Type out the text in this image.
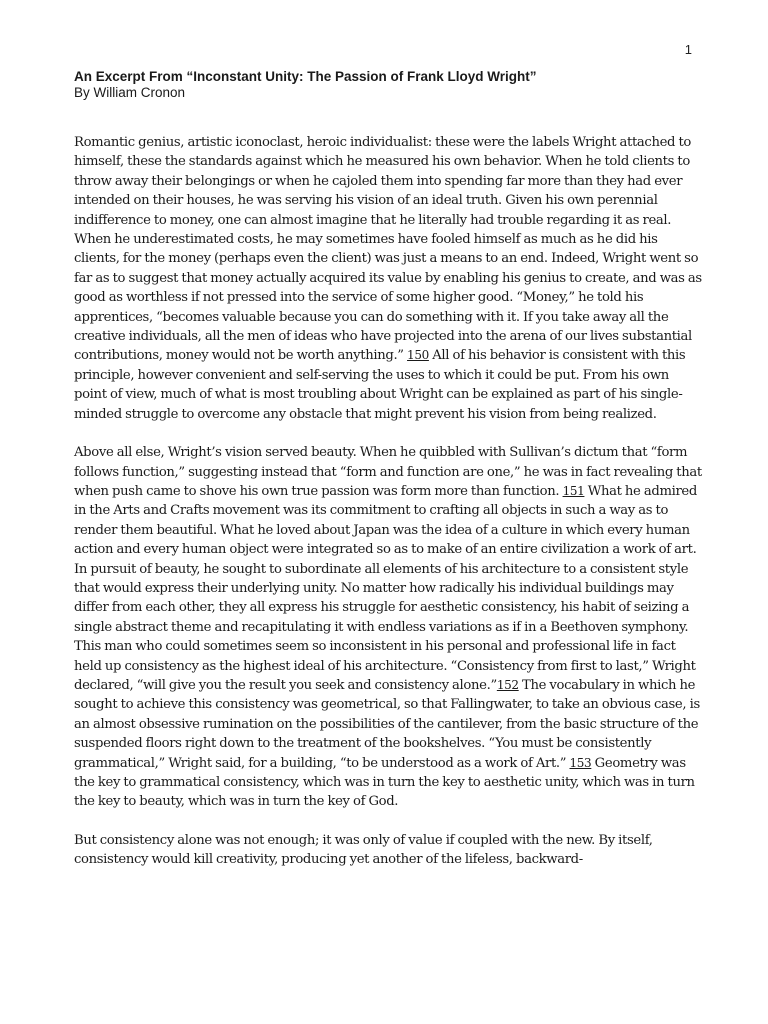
1

An Excerpt From “Inconstant Unity: The Passion of Frank Lloyd Wright”

By William Cronon

Romantic genius, artistic iconoclast, heroic individualist: these were the labels Wright attached to himself, these the standards against which he measured his own behavior. When he told clients to throw away their belongings or when he cajoled them into spending far more than they had ever intended on their houses, he was serving his vision of an ideal truth. Given his own perennial indifference to money, one can almost imagine that he literally had trouble regarding it as real. When he underestimated costs, he may sometimes have fooled himself as much as he did his clients, for the money (perhaps even the client) was just a means to an end. Indeed, Wright went so far as to suggest that money actually acquired its value by enabling his genius to create, and was as good as worthless if not pressed into the service of some higher good. “Money,” he told his apprentices, “becomes valuable because you can do something with it. If you take away all the creative individuals, all the men of ideas who have projected into the arena of our lives substantial contributions, money would not be worth anything.” 150 All of his behavior is consistent with this principle, however convenient and self-serving the uses to which it could be put. From his own point of view, much of what is most troubling about Wright can be explained as part of his single-minded struggle to overcome any obstacle that might prevent his vision from being realized.

Above all else, Wright’s vision served beauty. When he quibbled with Sullivan’s dictum that “form follows function,” suggesting instead that “form and function are one,” he was in fact revealing that when push came to shove his own true passion was form more than function. 151 What he admired in the Arts and Crafts movement was its commitment to crafting all objects in such a way as to render them beautiful. What he loved about Japan was the idea of a culture in which every human action and every human object were integrated so as to make of an entire civilization a work of art. In pursuit of beauty, he sought to subordinate all elements of his architecture to a consistent style that would express their underlying unity. No matter how radically his individual buildings may differ from each other, they all express his struggle for aesthetic consistency, his habit of seizing a single abstract theme and recapitulating it with endless variations as if in a Beethoven symphony. This man who could sometimes seem so inconsistent in his personal and professional life in fact held up consistency as the highest ideal of his architecture. “Consistency from first to last,” Wright declared, “will give you the result you seek and consistency alone.”152 The vocabulary in which he sought to achieve this consistency was geometrical, so that Fallingwater, to take an obvious case, is an almost obsessive rumination on the possibilities of the cantilever, from the basic structure of the suspended floors right down to the treatment of the bookshelves. “You must be consistently grammatical,” Wright said, for a building, “to be understood as a work of Art.” 153 Geometry was the key to grammatical consistency, which was in turn the key to aesthetic unity, which was in turn the key to beauty, which was in turn the key of God.

But consistency alone was not enough; it was only of value if coupled with the new. By itself, consistency would kill creativity, producing yet another of the lifeless, backward-
